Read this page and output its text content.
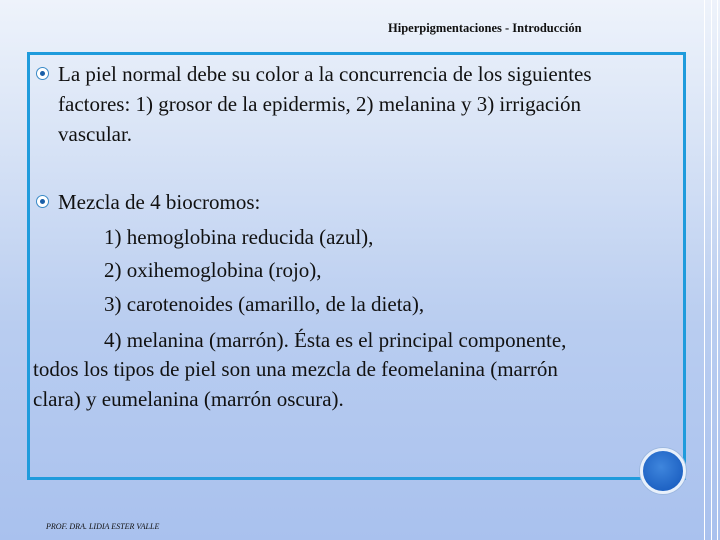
Hiperpigmentaciones - Introducción
La piel normal debe su color a la concurrencia de los siguientes
factores: 1) grosor de la epidermis, 2) melanina y 3) irrigación
vascular.
Mezcla de 4 biocromos:
1) hemoglobina reducida (azul),
2) oxihemoglobina (rojo),
3) carotenoides (amarillo, de la dieta),
4) melanina (marrón). Ésta es el principal componente,
todos los tipos de piel son una mezcla de feomelanina (marrón
clara) y eumelanina (marrón oscura).
PROF. DRA. LIDIA ESTER VALLE
